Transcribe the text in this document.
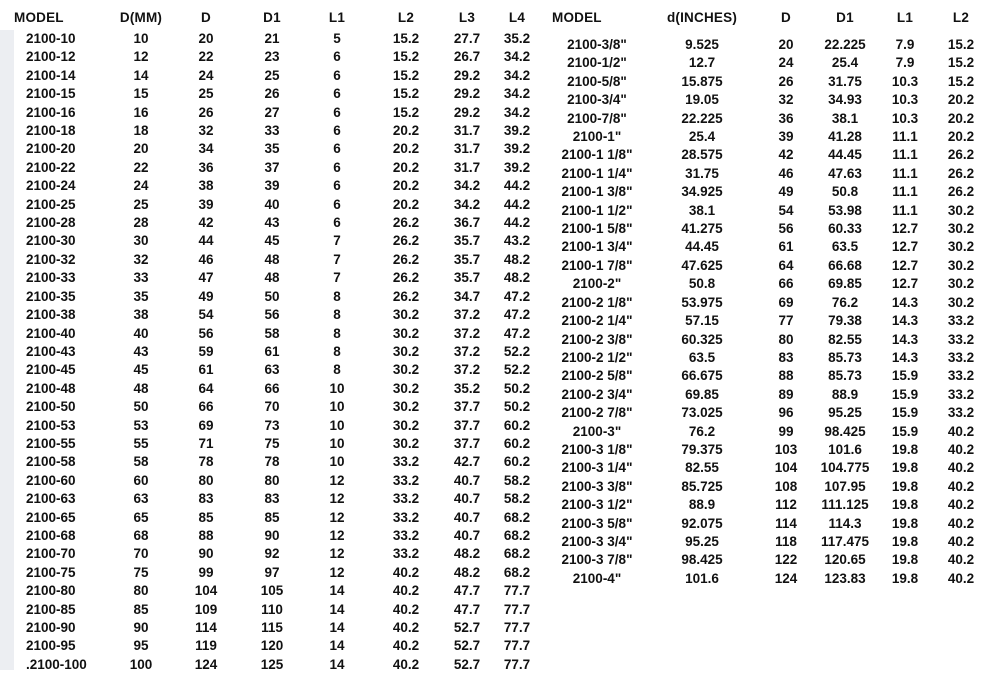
MODEL	D(MM)	D	D1	L1	L2	L3	L4
2100-10	10	20	21	5	15.2	27.7	35.2
2100-12	12	22	23	6	15.2	26.7	34.2
2100-14	14	24	25	6	15.2	29.2	34.2
2100-15	15	25	26	6	15.2	29.2	34.2
2100-16	16	26	27	6	15.2	29.2	34.2
2100-18	18	32	33	6	20.2	31.7	39.2
2100-20	20	34	35	6	20.2	31.7	39.2
2100-22	22	36	37	6	20.2	31.7	39.2
2100-24	24	38	39	6	20.2	34.2	44.2
2100-25	25	39	40	6	20.2	34.2	44.2
2100-28	28	42	43	6	26.2	36.7	44.2
2100-30	30	44	45	7	26.2	35.7	43.2
2100-32	32	46	48	7	26.2	35.7	48.2
2100-33	33	47	48	7	26.2	35.7	48.2
2100-35	35	49	50	8	26.2	34.7	47.2
2100-38	38	54	56	8	30.2	37.2	47.2
2100-40	40	56	58	8	30.2	37.2	47.2
2100-43	43	59	61	8	30.2	37.2	52.2
2100-45	45	61	63	8	30.2	37.2	52.2
2100-48	48	64	66	10	30.2	35.2	50.2
2100-50	50	66	70	10	30.2	37.7	50.2
2100-53	53	69	73	10	30.2	37.7	60.2
2100-55	55	71	75	10	30.2	37.7	60.2
2100-58	58	78	78	10	33.2	42.7	60.2
2100-60	60	80	80	12	33.2	40.7	58.2
2100-63	63	83	83	12	33.2	40.7	58.2
2100-65	65	85	85	12	33.2	40.7	68.2
2100-68	68	88	90	12	33.2	40.7	68.2
2100-70	70	90	92	12	33.2	48.2	68.2
2100-75	75	99	97	12	40.2	48.2	68.2
2100-80	80	104	105	14	40.2	47.7	77.7
2100-85	85	109	110	14	40.2	47.7	77.7
2100-90	90	114	115	14	40.2	52.7	77.7
2100-95	95	119	120	14	40.2	52.7	77.7
.2100-100	100	124	125	14	40.2	52.7	77.7
MODEL	d(INCHES)	D	D1	L1	L2

2100-3/8"	9.525	20	22.225	7.9	15.2
2100-1/2"	12.7	24	25.4	7.9	15.2
2100-5/8"	15.875	26	31.75	10.3	15.2
2100-3/4"	19.05	32	34.93	10.3	20.2
2100-7/8"	22.225	36	38.1	10.3	20.2
2100-1"	25.4	39	41.28	11.1	20.2
2100-1 1/8"	28.575	42	44.45	11.1	26.2
2100-1 1/4"	31.75	46	47.63	11.1	26.2
2100-1 3/8"	34.925	49	50.8	11.1	26.2
2100-1 1/2"	38.1	54	53.98	11.1	30.2
2100-1 5/8"	41.275	56	60.33	12.7	30.2
2100-1 3/4"	44.45	61	63.5	12.7	30.2
2100-1 7/8"	47.625	64	66.68	12.7	30.2
2100-2"	50.8	66	69.85	12.7	30.2
2100-2 1/8"	53.975	69	76.2	14.3	30.2
2100-2 1/4"	57.15	77	79.38	14.3	33.2
2100-2 3/8"	60.325	80	82.55	14.3	33.2
2100-2 1/2"	63.5	83	85.73	14.3	33.2
2100-2 5/8"	66.675	88	85.73	15.9	33.2
2100-2 3/4"	69.85	89	88.9	15.9	33.2
2100-2 7/8"	73.025	96	95.25	15.9	33.2
2100-3"	76.2	99	98.425	15.9	40.2
2100-3 1/8"	79.375	103	101.6	19.8	40.2
2100-3 1/4"	82.55	104	104.775	19.8	40.2
2100-3 3/8"	85.725	108	107.95	19.8	40.2
2100-3 1/2"	88.9	112	111.125	19.8	40.2
2100-3 5/8"	92.075	114	114.3	19.8	40.2
2100-3 3/4"	95.25	118	117.475	19.8	40.2
2100-3 7/8"	98.425	122	120.65	19.8	40.2
2100-4"	101.6	124	123.83	19.8	40.2
